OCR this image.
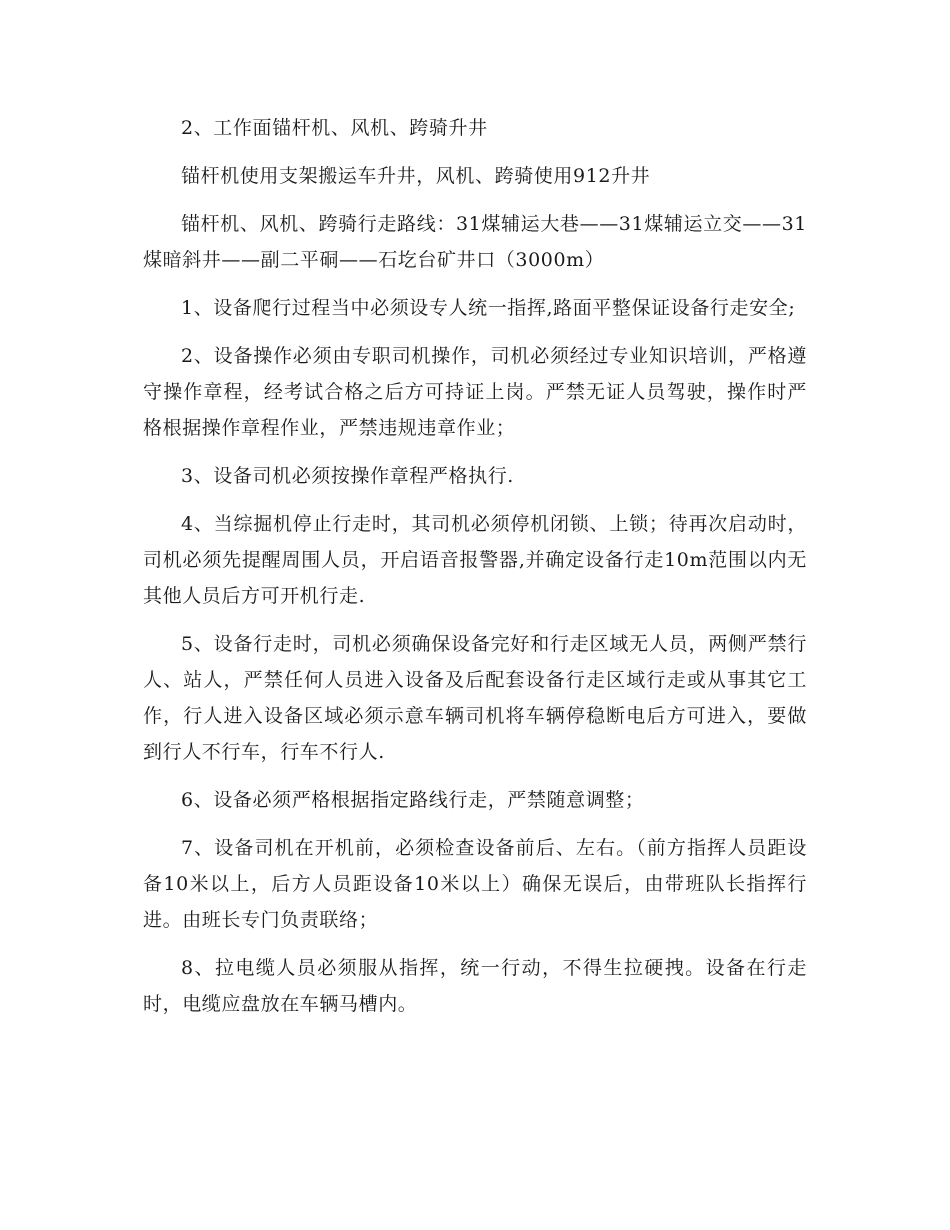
2、工作面锚杆机、风机、跨骑升井

锚杆机使用支架搬运车升井，风机、跨骑使用912升井

锚杆机、风机、跨骑行走路线：31煤辅运大巷——31煤辅运立交——31煤暗斜井——副二平硐——石圪台矿井口（3000m）

1、设备爬行过程当中必须设专人统一指挥,路面平整保证设备行走安全;

2、设备操作必须由专职司机操作，司机必须经过专业知识培训，严格遵守操作章程，经考试合格之后方可持证上岗。严禁无证人员驾驶，操作时严格根据操作章程作业，严禁违规违章作业；

3、设备司机必须按操作章程严格执行.

4、当综掘机停止行走时，其司机必须停机闭锁、上锁；待再次启动时，司机必须先提醒周围人员，开启语音报警器,并确定设备行走10m范围以内无其他人员后方可开机行走.

5、设备行走时，司机必须确保设备完好和行走区域无人员，两侧严禁行人、站人，严禁任何人员进入设备及后配套设备行走区域行走或从事其它工作，行人进入设备区域必须示意车辆司机将车辆停稳断电后方可进入，要做到行人不行车，行车不行人.

6、设备必须严格根据指定路线行走，严禁随意调整；

7、设备司机在开机前，必须检查设备前后、左右。（前方指挥人员距设备10米以上，后方人员距设备10米以上）确保无误后，由带班队长指挥行进。由班长专门负责联络；

8、拉电缆人员必须服从指挥，统一行动，不得生拉硬拽。设备在行走时，电缆应盘放在车辆马槽内。
